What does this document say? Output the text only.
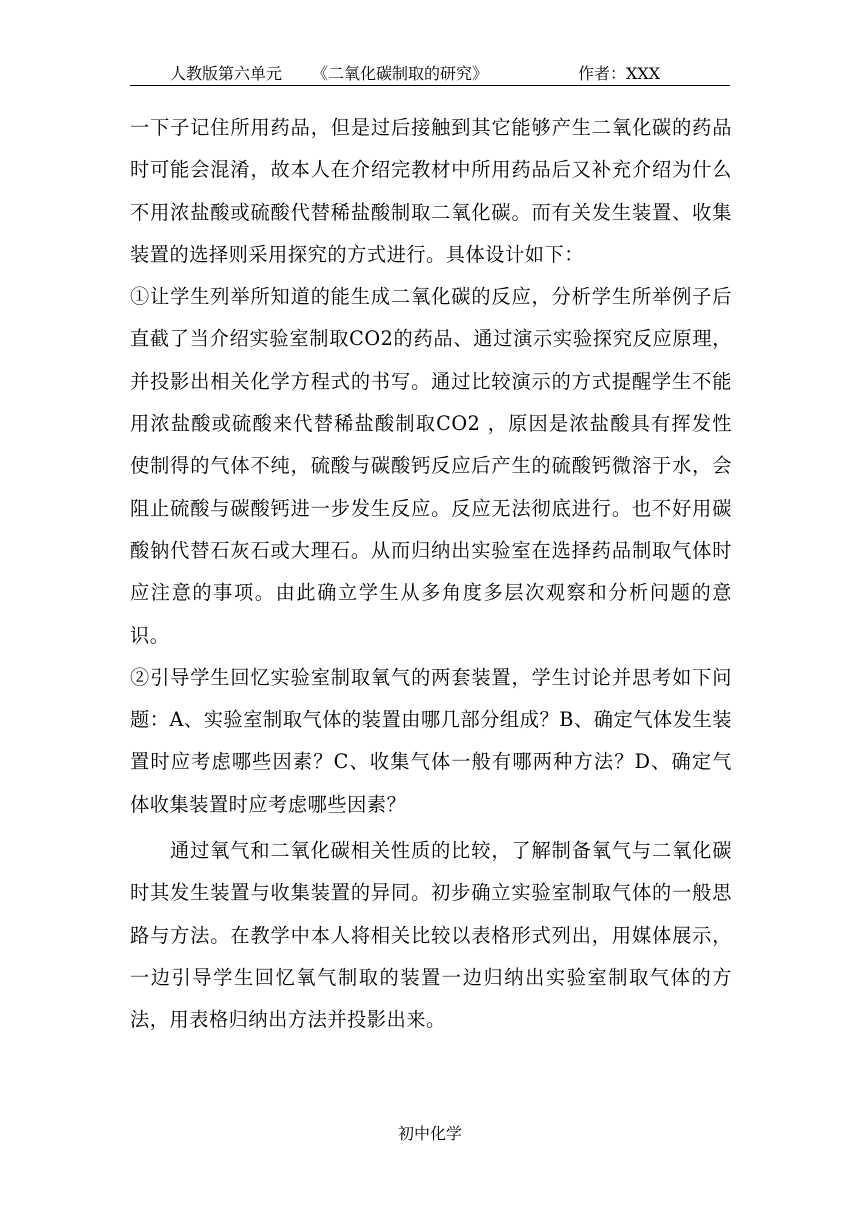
人教版第六单元 《二氧化碳制取的研究》	作者：XXX

一下子记住所用药品，但是过后接触到其它能够产生二氧化碳的药品时可能会混淆，故本人在介绍完教材中所用药品后又补充介绍为什么不用浓盐酸或硫酸代替稀盐酸制取二氧化碳。而有关发生装置、收集装置的选择则采用探究的方式进行。具体设计如下：

①让学生列举所知道的能生成二氧化碳的反应，分析学生所举例子后直截了当介绍实验室制取CO2的药品、通过演示实验探究反应原理，并投影出相关化学方程式的书写。通过比较演示的方式提醒学生不能用浓盐酸或硫酸来代替稀盐酸制取CO2 ，原因是浓盐酸具有挥发性使制得的气体不纯，硫酸与碳酸钙反应后产生的硫酸钙微溶于水，会阻止硫酸与碳酸钙进一步发生反应。反应无法彻底进行。也不好用碳酸钠代替石灰石或大理石。从而归纳出实验室在选择药品制取气体时应注意的事项。由此确立学生从多角度多层次观察和分析问题的意识。

②引导学生回忆实验室制取氧气的两套装置，学生讨论并思考如下问题：A、实验室制取气体的装置由哪几部分组成？B、确定气体发生装置时应考虑哪些因素？C、收集气体一般有哪两种方法？D、确定气体收集装置时应考虑哪些因素？

通过氧气和二氧化碳相关性质的比较，了解制备氧气与二氧化碳时其发生装置与收集装置的异同。初步确立实验室制取气体的一般思路与方法。在教学中本人将相关比较以表格形式列出，用媒体展示，一边引导学生回忆氧气制取的装置一边归纳出实验室制取气体的方法，用表格归纳出方法并投影出来。

初中化学
